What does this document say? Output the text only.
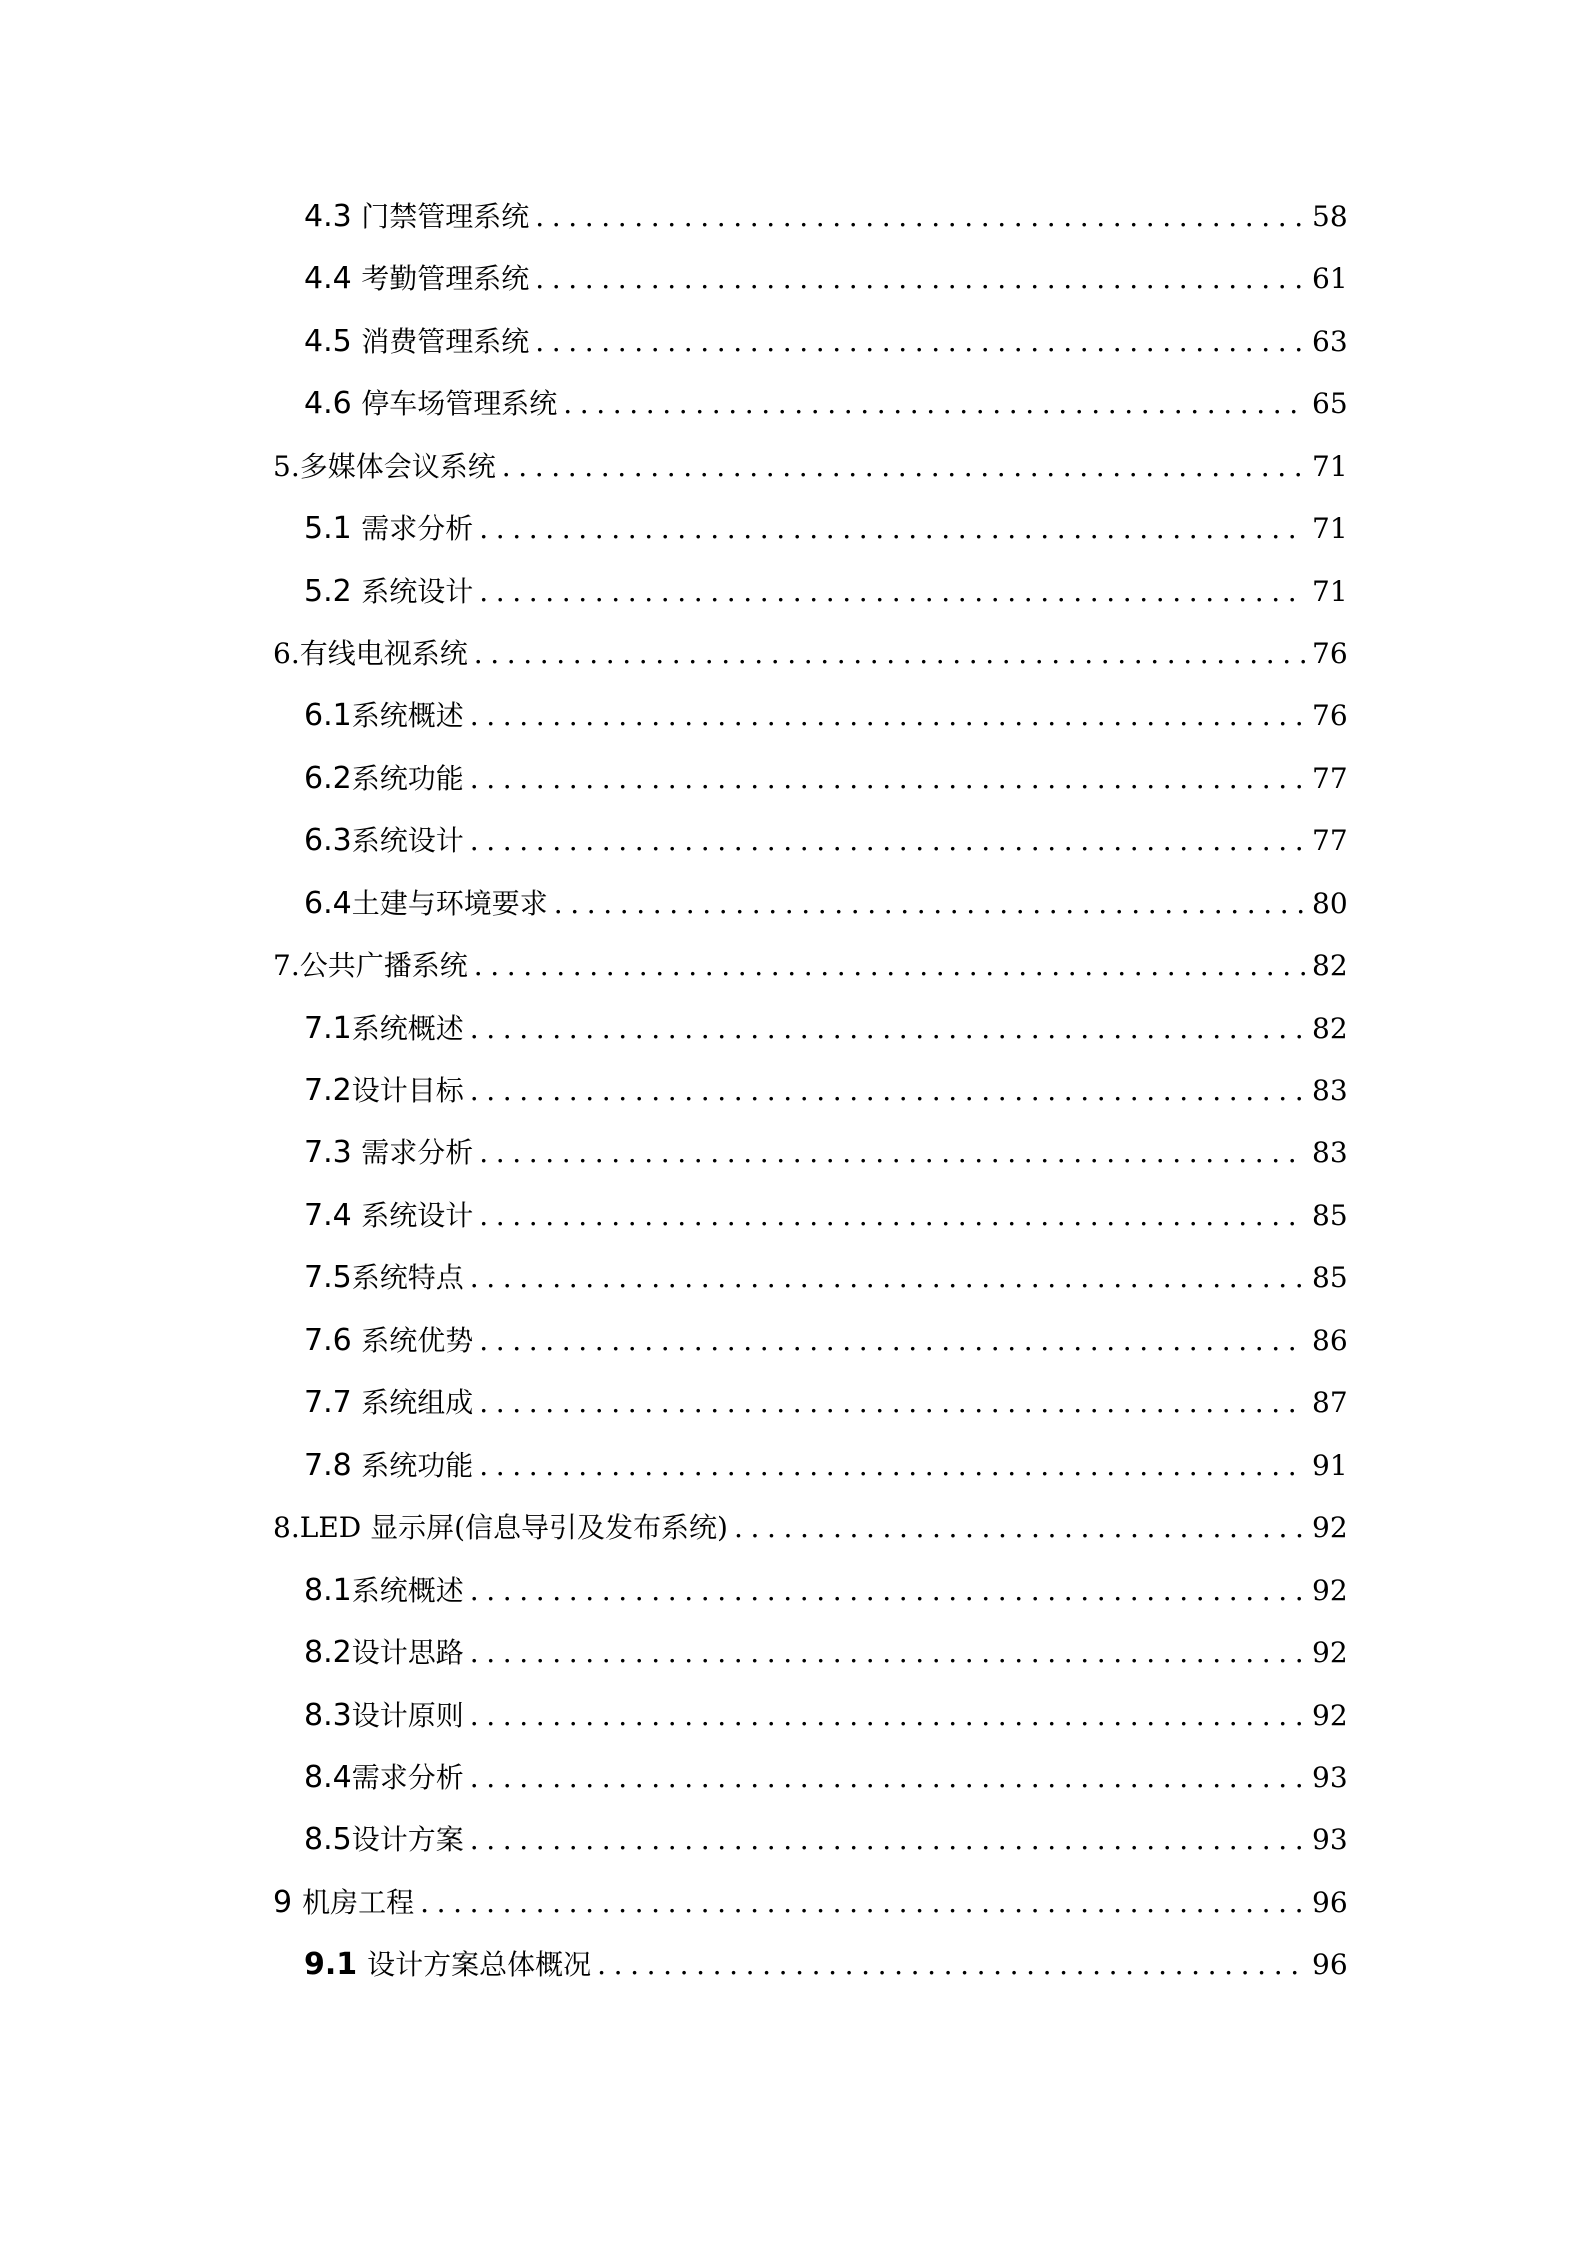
4.3 门禁管理系统 .....	58
4.4 考勤管理系统 .....	61
4.5 消费管理系统 .....	63
4.6 停车场管理系统 .....	65
5. 多媒体会议系统 .....	71
5.1 需求分析 .....	71
5.2 系统设计 .....	71
6. 有线电视系统 .....	76
6.1 系统概述 .....	76
6.2 系统功能 .....	77
6.3 系统设计 .....	77
6.4 土建与环境要求 .....	80
7. 公共广播系统 .....	82
7.1 系统概述 .....	82
7.2 设计目标 .....	83
7.3 需求分析 .....	83
7.4 系统设计 .....	85
7.5 系统特点 .....	85
7.6 系统优势 .....	86
7.7 系统组成 .....	87
7.8 系统功能 .....	91
8. LED 显示屏(信息导引及发布系统) .....	92
8.1 系统概述 .....	92
8.2 设计思路 .....	92
8.3 设计原则 .....	92
8.4 需求分析 .....	93
8.5 设计方案 .....	93
9 机房工程 .....	96
9.1 设计方案总体概况 .....	96
